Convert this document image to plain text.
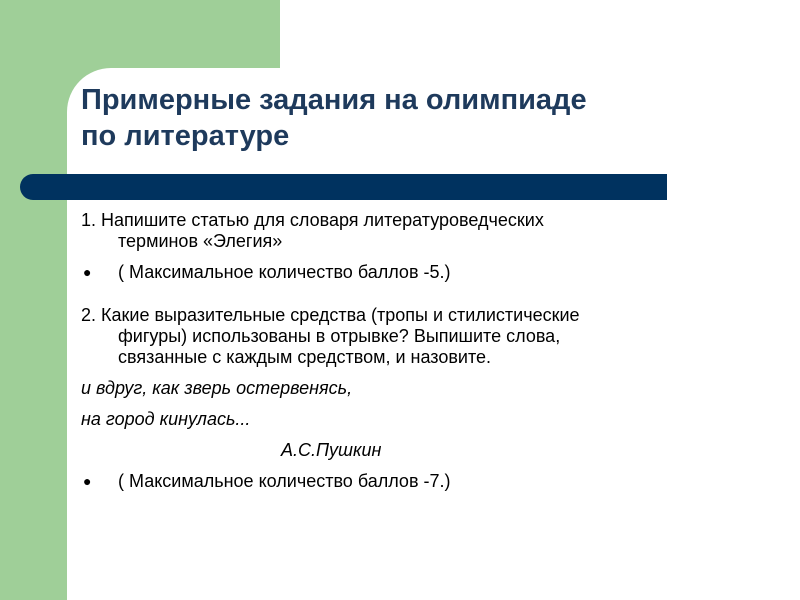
Примерные задания на олимпиаде
по литературе
1. Напишите статью для словаря литературоведческих
терминов «Элегия»
● ( Максимальное количество баллов -5.)
2. Какие выразительные средства (тропы и стилистические
фигуры) использованы в отрывке? Выпишите слова,
связанные с каждым средством, и назовите.
и вдруг, как зверь остервенясь,
на город кинулась...
А.С.Пушкин
● ( Максимальное количество баллов -7.)
